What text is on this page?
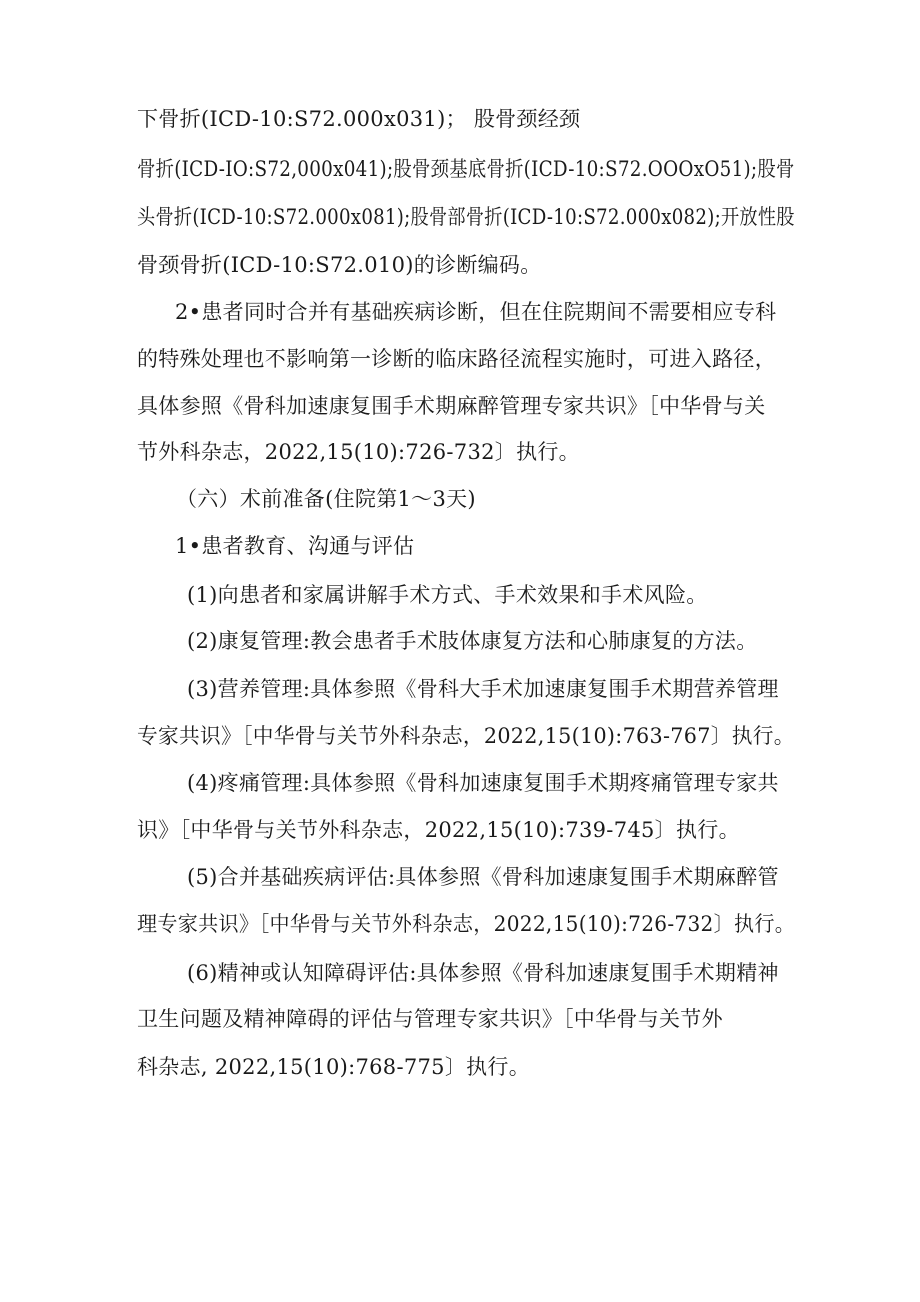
下骨折(ICD-10:S72.000x031)； 股骨颈经颈
骨折(ICD-IO:S72,000x041);股骨颈基底骨折(ICD-10:S72.OOOxO51);股骨
头骨折(ICD-10:S72.000x081);股骨部骨折(ICD-10:S72.000x082);开放性股
骨颈骨折(ICD-10:S72.010)的诊断编码。
2•患者同时合并有基础疾病诊断，但在住院期间不需要相应专科
的特殊处理也不影响第一诊断的临床路径流程实施时，可进入路径，
具体参照《骨科加速康复围手术期麻醉管理专家共识》［中华骨与关
节外科杂志，2022,15(10):726-732〕执行。
（六）术前准备(住院第1～3天)
1•患者教育、沟通与评估
(1)向患者和家属讲解手术方式、手术效果和手术风险。
(2)康复管理:教会患者手术肢体康复方法和心肺康复的方法。
(3)营养管理:具体参照《骨科大手术加速康复围手术期营养管理
专家共识》［中华骨与关节外科杂志，2022,15(10):763-767〕执行。
(4)疼痛管理:具体参照《骨科加速康复围手术期疼痛管理专家共
识》［中华骨与关节外科杂志，2022,15(10):739-745〕执行。
(5)合并基础疾病评估:具体参照《骨科加速康复围手术期麻醉管
理专家共识》［中华骨与关节外科杂志，2022,15(10):726-732〕执行。
(6)精神或认知障碍评估:具体参照《骨科加速康复围手术期精神
卫生问题及精神障碍的评估与管理专家共识》［中华骨与关节外
科杂志, 2022,15(10):768-775〕执行。
